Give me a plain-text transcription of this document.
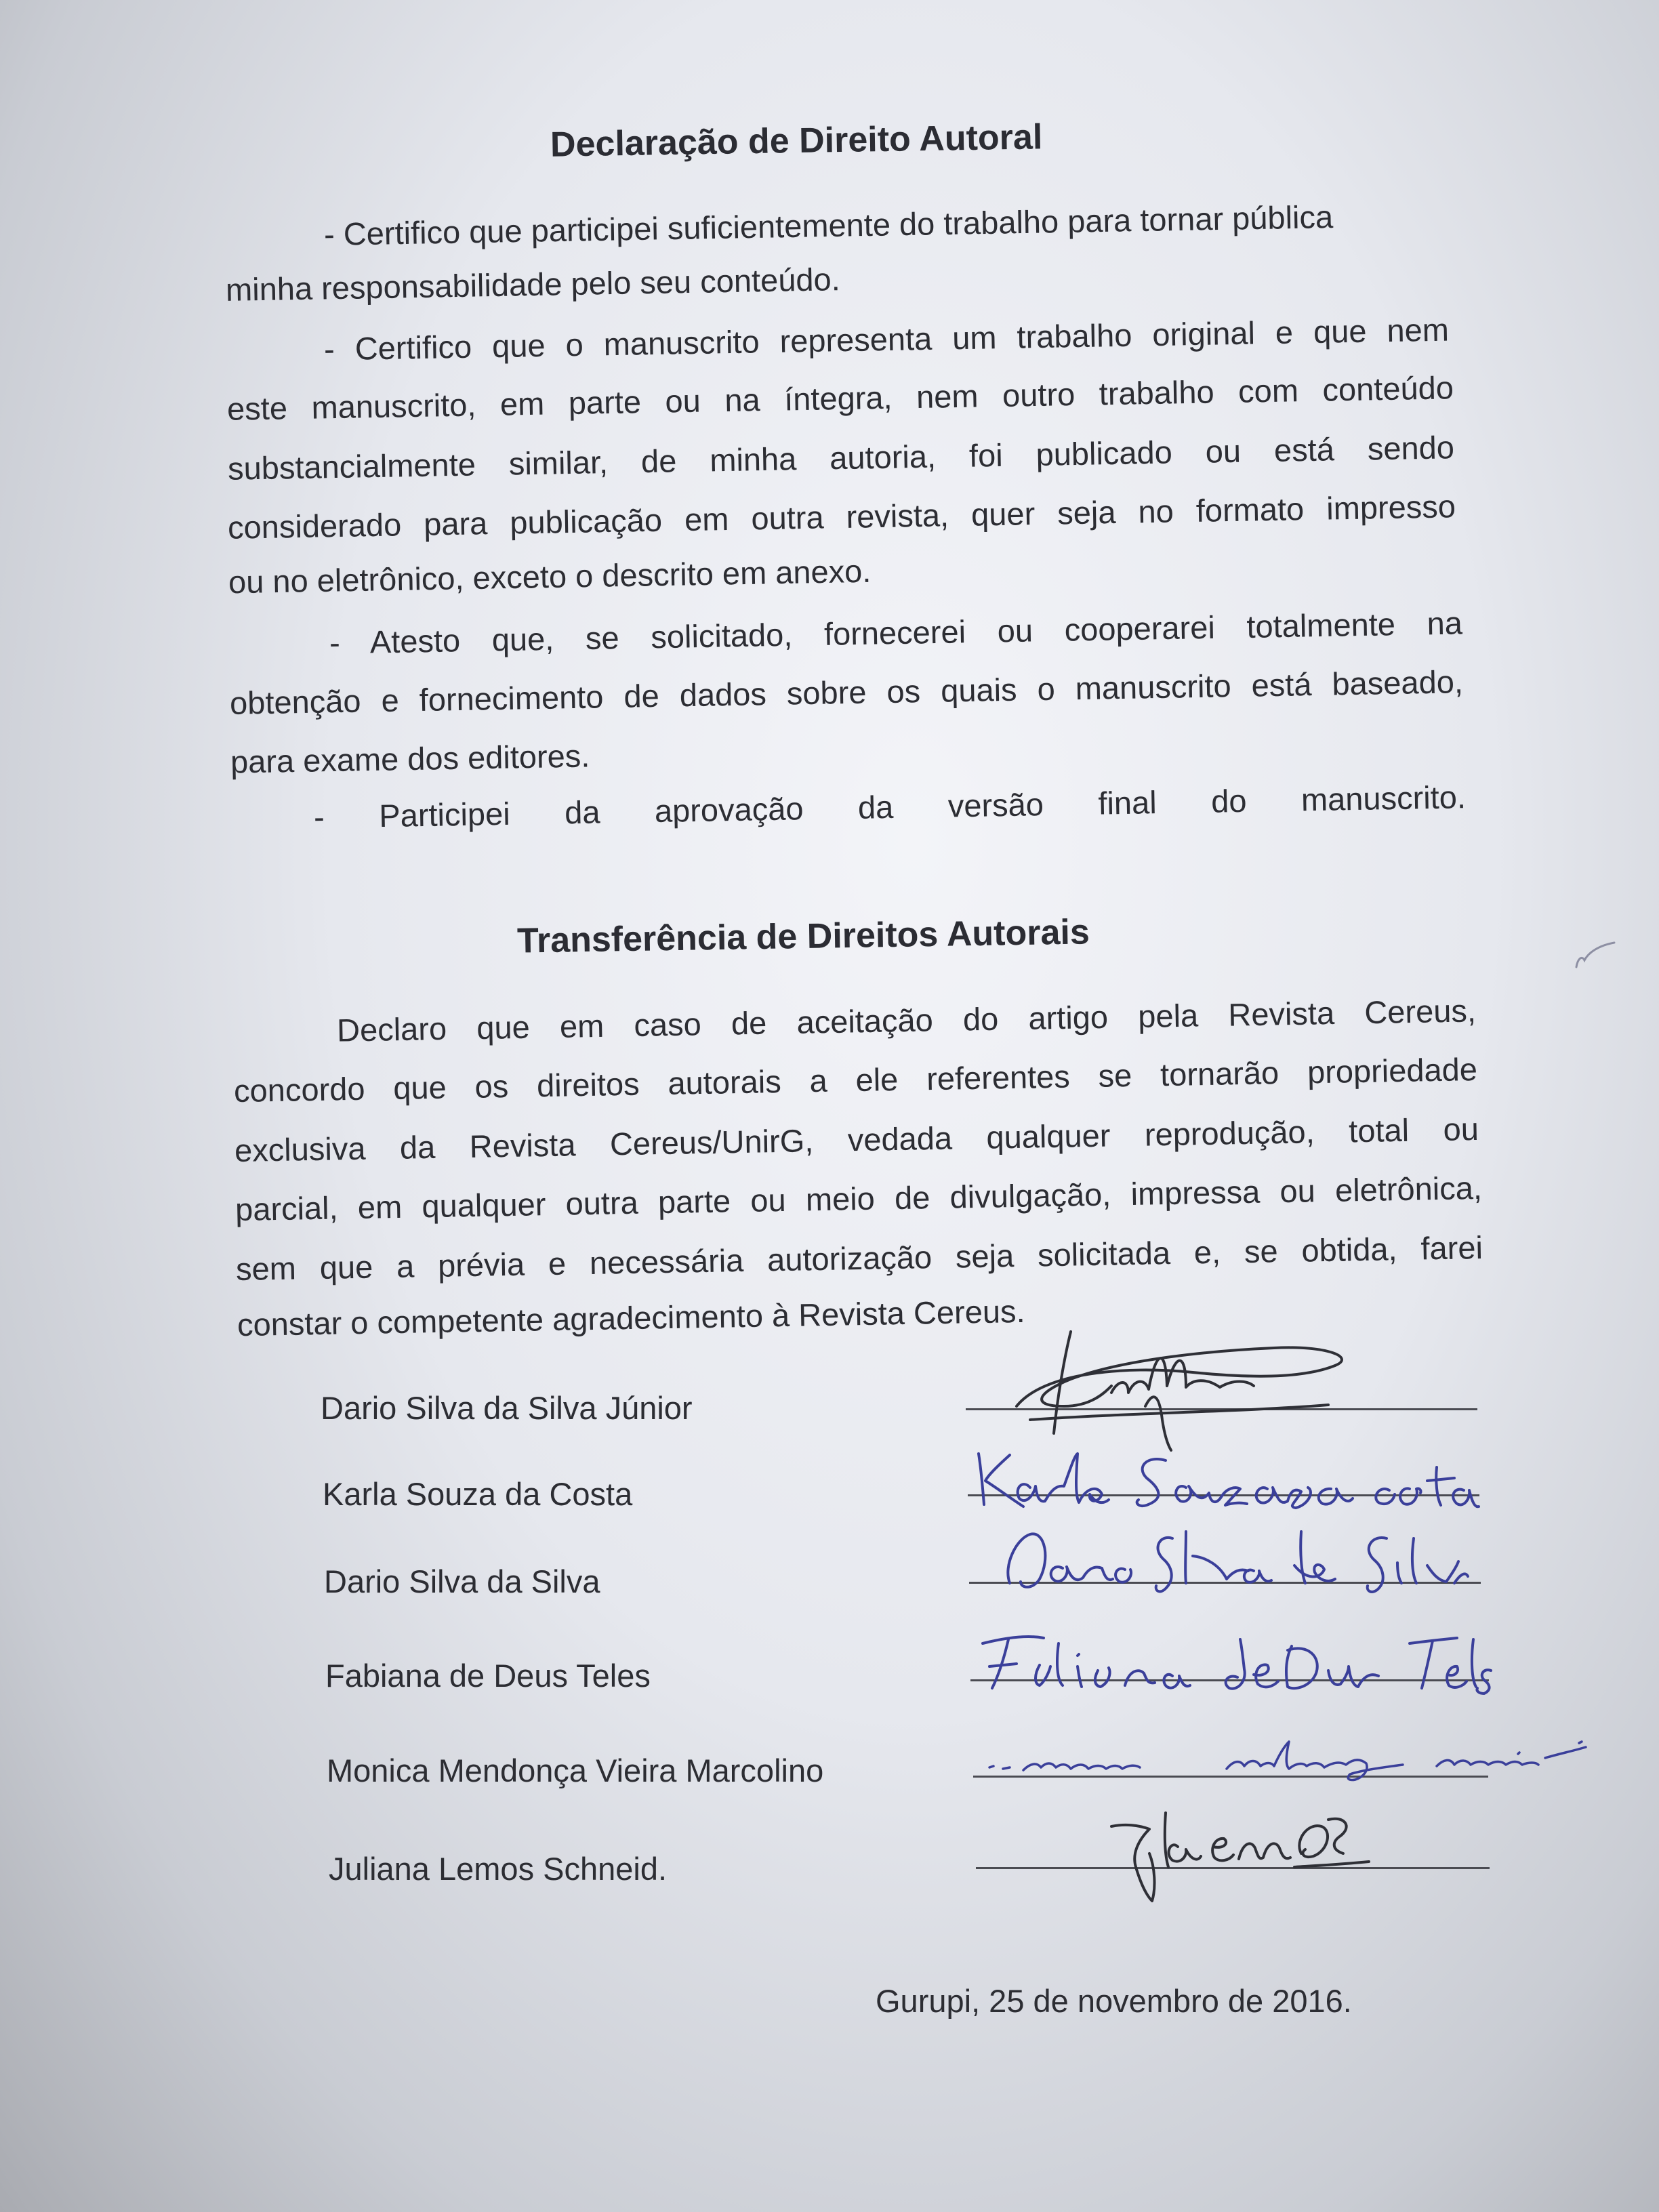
Declaração de Direito Autoral
- Certifico que participei suficientemente do trabalho para tornar pública
minha responsabilidade pelo seu conteúdo.
- Certifico que o manuscrito representa um trabalho original e que nem
este manuscrito, em parte ou na íntegra, nem outro trabalho com conteúdo
substancialmente similar, de minha autoria, foi publicado ou está sendo
considerado para publicação em outra revista, quer seja no formato impresso
ou no eletrônico, exceto o descrito em anexo.
- Atesto que, se solicitado, fornecerei ou cooperarei totalmente na
obtenção e fornecimento de dados sobre os quais o manuscrito está baseado,
para exame dos editores.
- Participei da aprovação da versão final do manuscrito.
Transferência de Direitos Autorais
Declaro que em caso de aceitação do artigo pela Revista Cereus,
concordo que os direitos autorais a ele referentes se tornarão propriedade
exclusiva da Revista Cereus/UnirG, vedada qualquer reprodução, total ou
parcial, em qualquer outra parte ou meio de divulgação, impressa ou eletrônica,
sem que a prévia e necessária autorização seja solicitada e, se obtida, farei
constar o competente agradecimento à Revista Cereus.
Dario Silva da Silva Júnior
Karla Souza da Costa
Dario Silva da Silva
Fabiana de Deus Teles
Monica Mendonça Vieira Marcolino
Juliana Lemos Schneid.
Gurupi, 25 de novembro de 2016.
